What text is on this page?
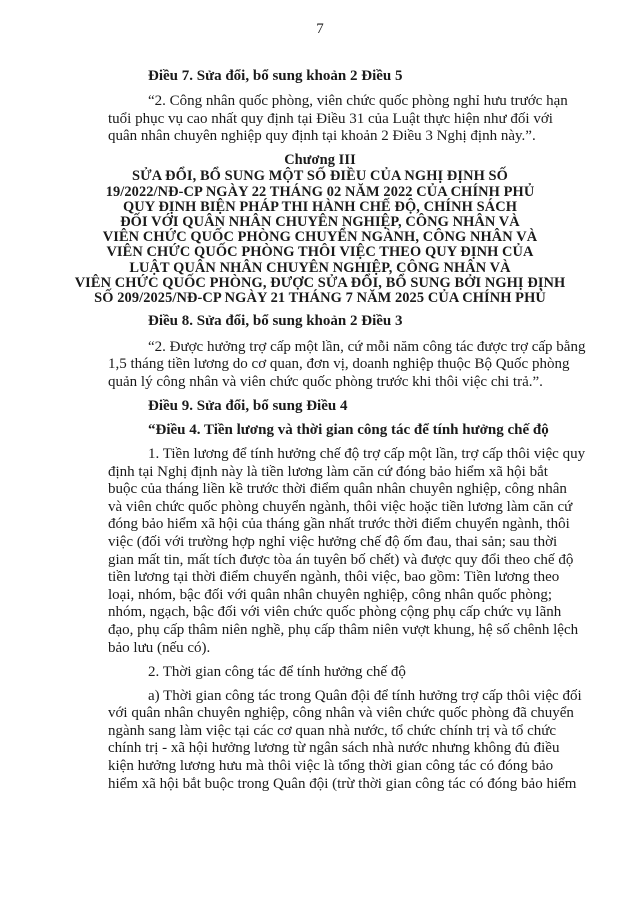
7
Điều 7. Sửa đổi, bổ sung khoản 2 Điều 5
“2. Công nhân quốc phòng, viên chức quốc phòng nghỉ hưu trước hạn
tuổi phục vụ cao nhất quy định tại Điều 31 của Luật thực hiện như đối với
quân nhân chuyên nghiệp quy định tại khoản 2 Điều 3 Nghị định này.”.
Chương III
SỬA ĐỔI, BỔ SUNG MỘT SỐ ĐIỀU CỦA NGHỊ ĐỊNH SỐ
19/2022/NĐ-CP NGÀY 22 THÁNG 02 NĂM 2022 CỦA CHÍNH PHỦ
QUY ĐỊNH BIỆN PHÁP THI HÀNH CHẾ ĐỘ, CHÍNH SÁCH
ĐỐI VỚI QUÂN NHÂN CHUYÊN NGHIỆP, CÔNG NHÂN VÀ
VIÊN CHỨC QUỐC PHÒNG CHUYỂN NGÀNH, CÔNG NHÂN VÀ
VIÊN CHỨC QUỐC PHÒNG THÔI VIỆC THEO QUY ĐỊNH CỦA
LUẬT QUÂN NHÂN CHUYÊN NGHIỆP, CÔNG NHÂN VÀ
VIÊN CHỨC QUỐC PHÒNG, ĐƯỢC SỬA ĐỔI, BỔ SUNG BỞI NGHỊ ĐỊNH
SỐ 209/2025/NĐ-CP NGÀY 21 THÁNG 7 NĂM 2025 CỦA CHÍNH PHỦ
Điều 8. Sửa đổi, bổ sung khoản 2 Điều 3
“2. Được hưởng trợ cấp một lần, cứ mỗi năm công tác được trợ cấp bằng
1,5 tháng tiền lương do cơ quan, đơn vị, doanh nghiệp thuộc Bộ Quốc phòng
quản lý công nhân và viên chức quốc phòng trước khi thôi việc chi trả.”.
Điều 9. Sửa đổi, bổ sung Điều 4
“Điều 4. Tiền lương và thời gian công tác để tính hưởng chế độ
1. Tiền lương để tính hưởng chế độ trợ cấp một lần, trợ cấp thôi việc quy
định tại Nghị định này là tiền lương làm căn cứ đóng bảo hiểm xã hội bắt
buộc của tháng liền kề trước thời điểm quân nhân chuyên nghiệp, công nhân
và viên chức quốc phòng chuyển ngành, thôi việc hoặc tiền lương làm căn cứ
đóng bảo hiểm xã hội của tháng gần nhất trước thời điểm chuyển ngành, thôi
việc (đối với trường hợp nghỉ việc hưởng chế độ ốm đau, thai sản; sau thời
gian mất tin, mất tích được tòa án tuyên bố chết) và được quy đổi theo chế độ
tiền lương tại thời điểm chuyển ngành, thôi việc, bao gồm: Tiền lương theo
loại, nhóm, bậc đối với quân nhân chuyên nghiệp, công nhân quốc phòng;
nhóm, ngạch, bậc đối với viên chức quốc phòng cộng phụ cấp chức vụ lãnh
đạo, phụ cấp thâm niên nghề, phụ cấp thâm niên vượt khung, hệ số chênh lệch
bảo lưu (nếu có).
2. Thời gian công tác để tính hưởng chế độ
a) Thời gian công tác trong Quân đội để tính hưởng trợ cấp thôi việc đối
với quân nhân chuyên nghiệp, công nhân và viên chức quốc phòng đã chuyển
ngành sang làm việc tại các cơ quan nhà nước, tổ chức chính trị và tổ chức
chính trị - xã hội hưởng lương từ ngân sách nhà nước nhưng không đủ điều
kiện hưởng lương hưu mà thôi việc là tổng thời gian công tác có đóng bảo
hiểm xã hội bắt buộc trong Quân đội (trừ thời gian công tác có đóng bảo hiểm
